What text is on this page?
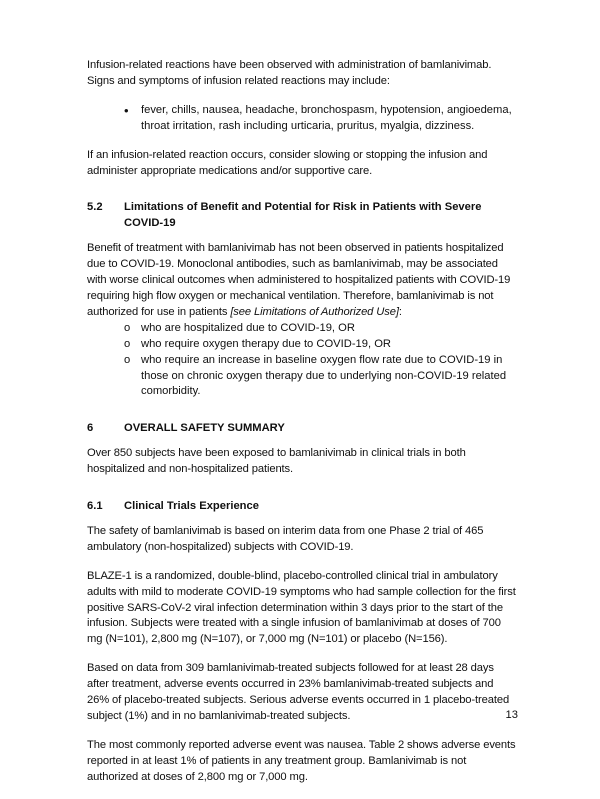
Infusion-related reactions have been observed with administration of bamlanivimab. Signs and symptoms of infusion related reactions may include:

•	fever, chills, nausea, headache, bronchospasm, hypotension, angioedema, throat irritation, rash including urticaria, pruritus, myalgia, dizziness.

If an infusion-related reaction occurs, consider slowing or stopping the infusion and administer appropriate medications and/or supportive care.

5.2	Limitations of Benefit and Potential for Risk in Patients with Severe COVID-19

Benefit of treatment with bamlanivimab has not been observed in patients hospitalized due to COVID-19. Monoclonal antibodies, such as bamlanivimab, may be associated with worse clinical outcomes when administered to hospitalized patients with COVID-19 requiring high flow oxygen or mechanical ventilation. Therefore, bamlanivimab is not authorized for use in patients [see Limitations of Authorized Use]:

o who are hospitalized due to COVID-19, OR
o who require oxygen therapy due to COVID-19, OR
o who require an increase in baseline oxygen flow rate due to COVID-19 in those on chronic oxygen therapy due to underlying non-COVID-19 related comorbidity.
6	OVERALL SAFETY SUMMARY

Over 850 subjects have been exposed to bamlanivimab in clinical trials in both hospitalized and non-hospitalized patients.

6.1	Clinical Trials Experience

The safety of bamlanivimab is based on interim data from one Phase 2 trial of 465 ambulatory (non-hospitalized) subjects with COVID-19.

BLAZE-1 is a randomized, double-blind, placebo-controlled clinical trial in ambulatory adults with mild to moderate COVID-19 symptoms who had sample collection for the first positive SARS-CoV-2 viral infection determination within 3 days prior to the start of the infusion. Subjects were treated with a single infusion of bamlanivimab at doses of 700 mg (N=101), 2,800 mg (N=107), or 7,000 mg (N=101) or placebo (N=156).

Based on data from 309 bamlanivimab-treated subjects followed for at least 28 days after treatment, adverse events occurred in 23% bamlanivimab-treated subjects and 26% of placebo-treated subjects. Serious adverse events occurred in 1 placebo-treated subject (1%) and in no bamlanivimab-treated subjects.

The most commonly reported adverse event was nausea. Table 2 shows adverse events reported in at least 1% of patients in any treatment group. Bamlanivimab is not authorized at doses of 2,800 mg or 7,000 mg.

13
